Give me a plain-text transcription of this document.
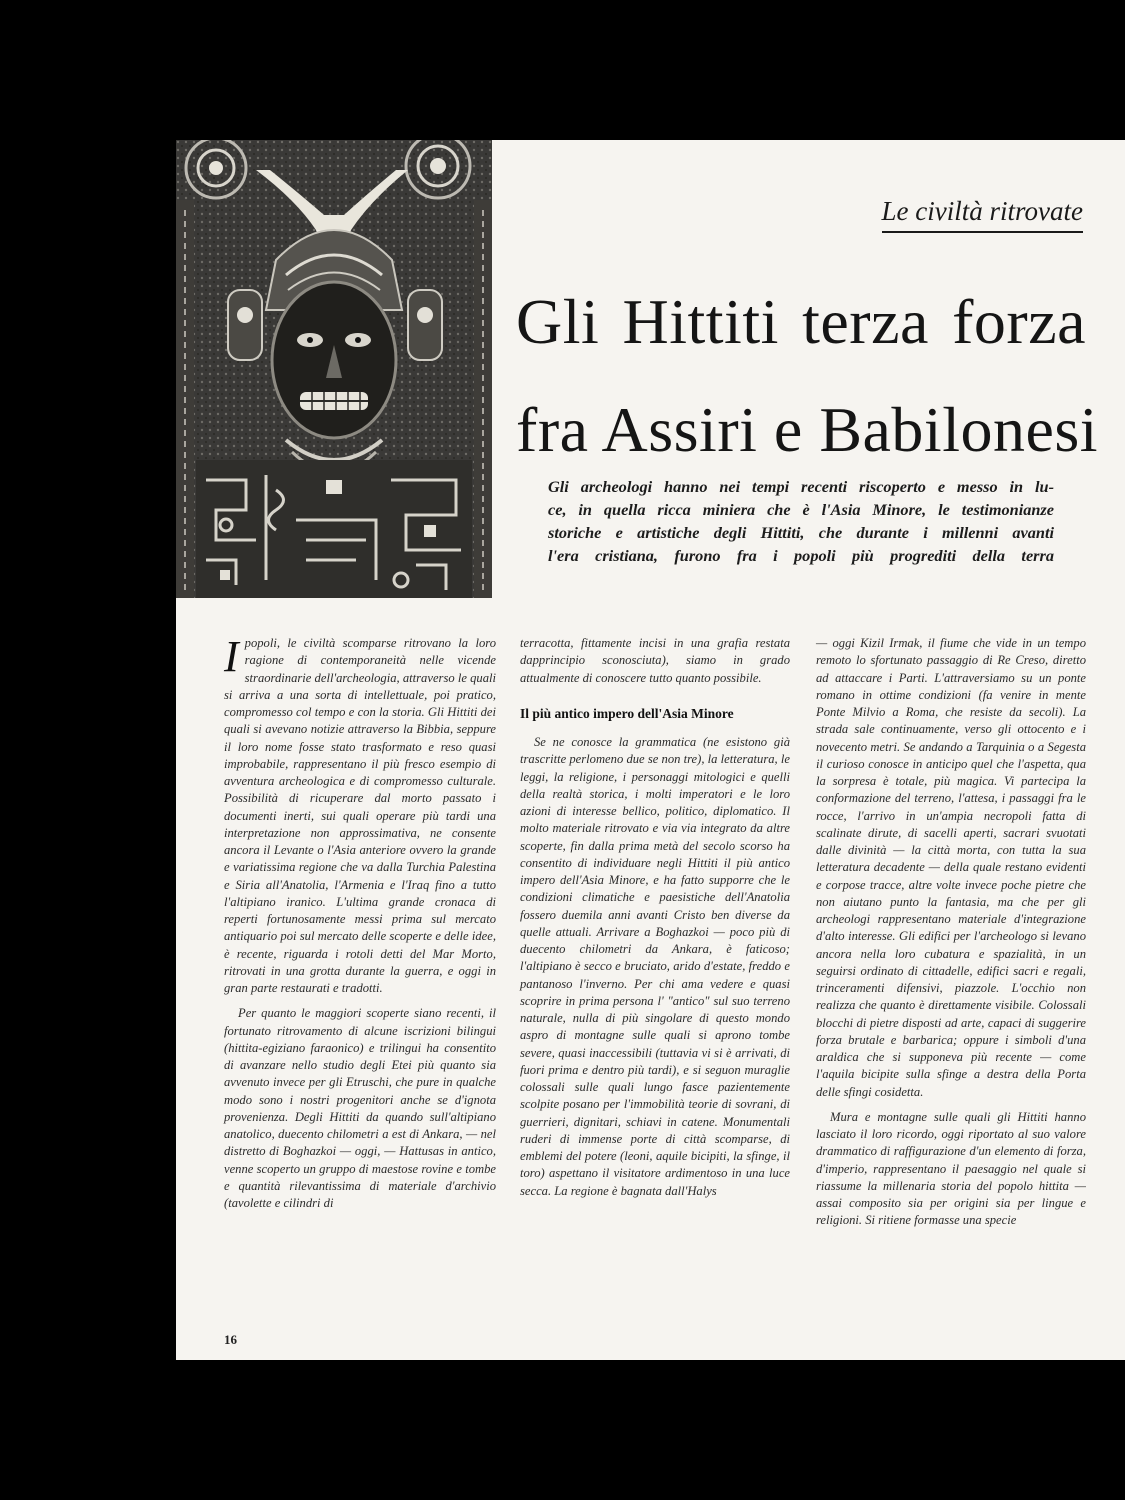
Le civiltà ritrovate
Gli Hittiti terza forza
fra Assiri e Babilonesi
Gli archeologi hanno nei tempi recenti riscoperto e messo in lu-
ce, in quella ricca miniera che è l'Asia Minore, le testimonianze
storiche e artistiche degli Hittiti, che durante i millenni avanti
l'era cristiana, furono fra i popoli più progrediti della terra

Ipopoli, le civiltà scomparse ritrovano la loro ragione di contemporaneità nelle vicende straordinarie dell'archeologia, attraverso le quali si arriva a una sorta di intellettuale, poi pratico, compromesso col tempo e con la storia. Gli Hittiti dei quali si avevano notizie attraverso la Bibbia, seppure il loro nome fosse stato trasformato e reso quasi improbabile, rappresentano il più fresco esempio di avventura archeologica e di compromesso culturale. Possibilità di ricuperare dal morto passato i documenti inerti, sui quali operare più tardi una interpretazione non approssimativa, ne consente ancora il Levante o l'Asia anteriore ovvero la grande e variatissima regione che va dalla Turchia Palestina e Siria all'Anatolia, l'Armenia e l'Iraq fino a tutto l'altipiano iranico. L'ultima grande cronaca di reperti fortunosamente messi prima sul mercato antiquario poi sul mercato delle scoperte e delle idee, è recente, riguarda i rotoli detti del Mar Morto, ritrovati in una grotta durante la guerra, e oggi in gran parte restaurati e tradotti.

Per quanto le maggiori scoperte siano recenti, il fortunato ritrovamento di alcune iscrizioni bilingui (hittita-egiziano faraonico) e trilingui ha consentito di avanzare nello studio degli Etei più quanto sia avvenuto invece per gli Etruschi, che pure in qualche modo sono i nostri progenitori anche se d'ignota provenienza. Degli Hittiti da quando sull'altipiano anatolico, duecento chilometri a est di Ankara, — nel distretto di Boghazkoi — oggi, — Hattusas in antico, venne scoperto un gruppo di maestose rovine e tombe e quantità rilevantissima di materiale d'archivio (tavolette e cilindri di

terracotta, fittamente incisi in una grafia restata dapprincipio sconosciuta), siamo in grado attualmente di conoscere tutto quanto possibile.

Il più antico impero dell'Asia Minore

Se ne conosce la grammatica (ne esistono già trascritte perlomeno due se non tre), la letteratura, le leggi, la religione, i personaggi mitologici e quelli della realtà storica, i molti imperatori e le loro azioni di interesse bellico, politico, diplomatico. Il molto materiale ritrovato e via via integrato da altre scoperte, fin dalla prima metà del secolo scorso ha consentito di individuare negli Hittiti il più antico impero dell'Asia Minore, e ha fatto supporre che le condizioni climatiche e paesistiche dell'Anatolia fossero duemila anni avanti Cristo ben diverse da quelle attuali. Arrivare a Boghazkoi — poco più di duecento chilometri da Ankara, è faticoso; l'altipiano è secco e bruciato, arido d'estate, freddo e pantanoso l'inverno. Per chi ama vedere e quasi scoprire in prima persona l' "antico" sul suo terreno naturale, nulla di più singolare di questo mondo aspro di montagne sulle quali si aprono tombe severe, quasi inaccessibili (tuttavia vi si è arrivati, di fuori prima e dentro più tardi), e si seguon muraglie colossali sulle quali lungo fasce pazientemente scolpite posano per l'immobilità teorie di sovrani, di guerrieri, dignitari, schiavi in catene. Monumentali ruderi di immense porte di città scomparse, di emblemi del potere (leoni, aquile bicipiti, la sfinge, il toro) aspettano il visitatore ardimentoso in una luce secca. La regione è bagnata dall'Halys

— oggi Kizil Irmak, il fiume che vide in un tempo remoto lo sfortunato passaggio di Re Creso, diretto ad attaccare i Parti. L'attraversiamo su un ponte romano in ottime condizioni (fa venire in mente Ponte Milvio a Roma, che resiste da secoli). La strada sale continuamente, verso gli ottocento e i novecento metri. Se andando a Tarquinia o a Segesta il curioso conosce in anticipo quel che l'aspetta, qua la sorpresa è totale, più magica. Vi partecipa la conformazione del terreno, l'attesa, i passaggi fra le rocce, l'arrivo in un'ampia necropoli fatta di scalinate dirute, di sacelli aperti, sacrari svuotati dalle divinità — la città morta, con tutta la sua letteratura decadente — della quale restano evidenti e corpose tracce, altre volte invece poche pietre che non aiutano punto la fantasia, ma che per gli archeologi rappresentano materiale d'integrazione d'alto interesse. Gli edifici per l'archeologo si levano ancora nella loro cubatura e spazialità, in un seguirsi ordinato di cittadelle, edifici sacri e regali, trinceramenti difensivi, piazzole. L'occhio non realizza che quanto è direttamente visibile. Colossali blocchi di pietre disposti ad arte, capaci di suggerire forza brutale e barbarica; oppure i simboli d'una araldica che si supponeva più recente — come l'aquila bicipite sulla sfinge a destra della Porta delle sfingi cosidetta.

Mura e montagne sulle quali gli Hittiti hanno lasciato il loro ricordo, oggi riportato al suo valore drammatico di raffigurazione d'un elemento di forza, d'imperio, rappresentano il paesaggio nel quale si riassume la millenaria storia del popolo hittita — assai composito sia per origini sia per lingue e religioni. Si ritiene formasse una specie

16
